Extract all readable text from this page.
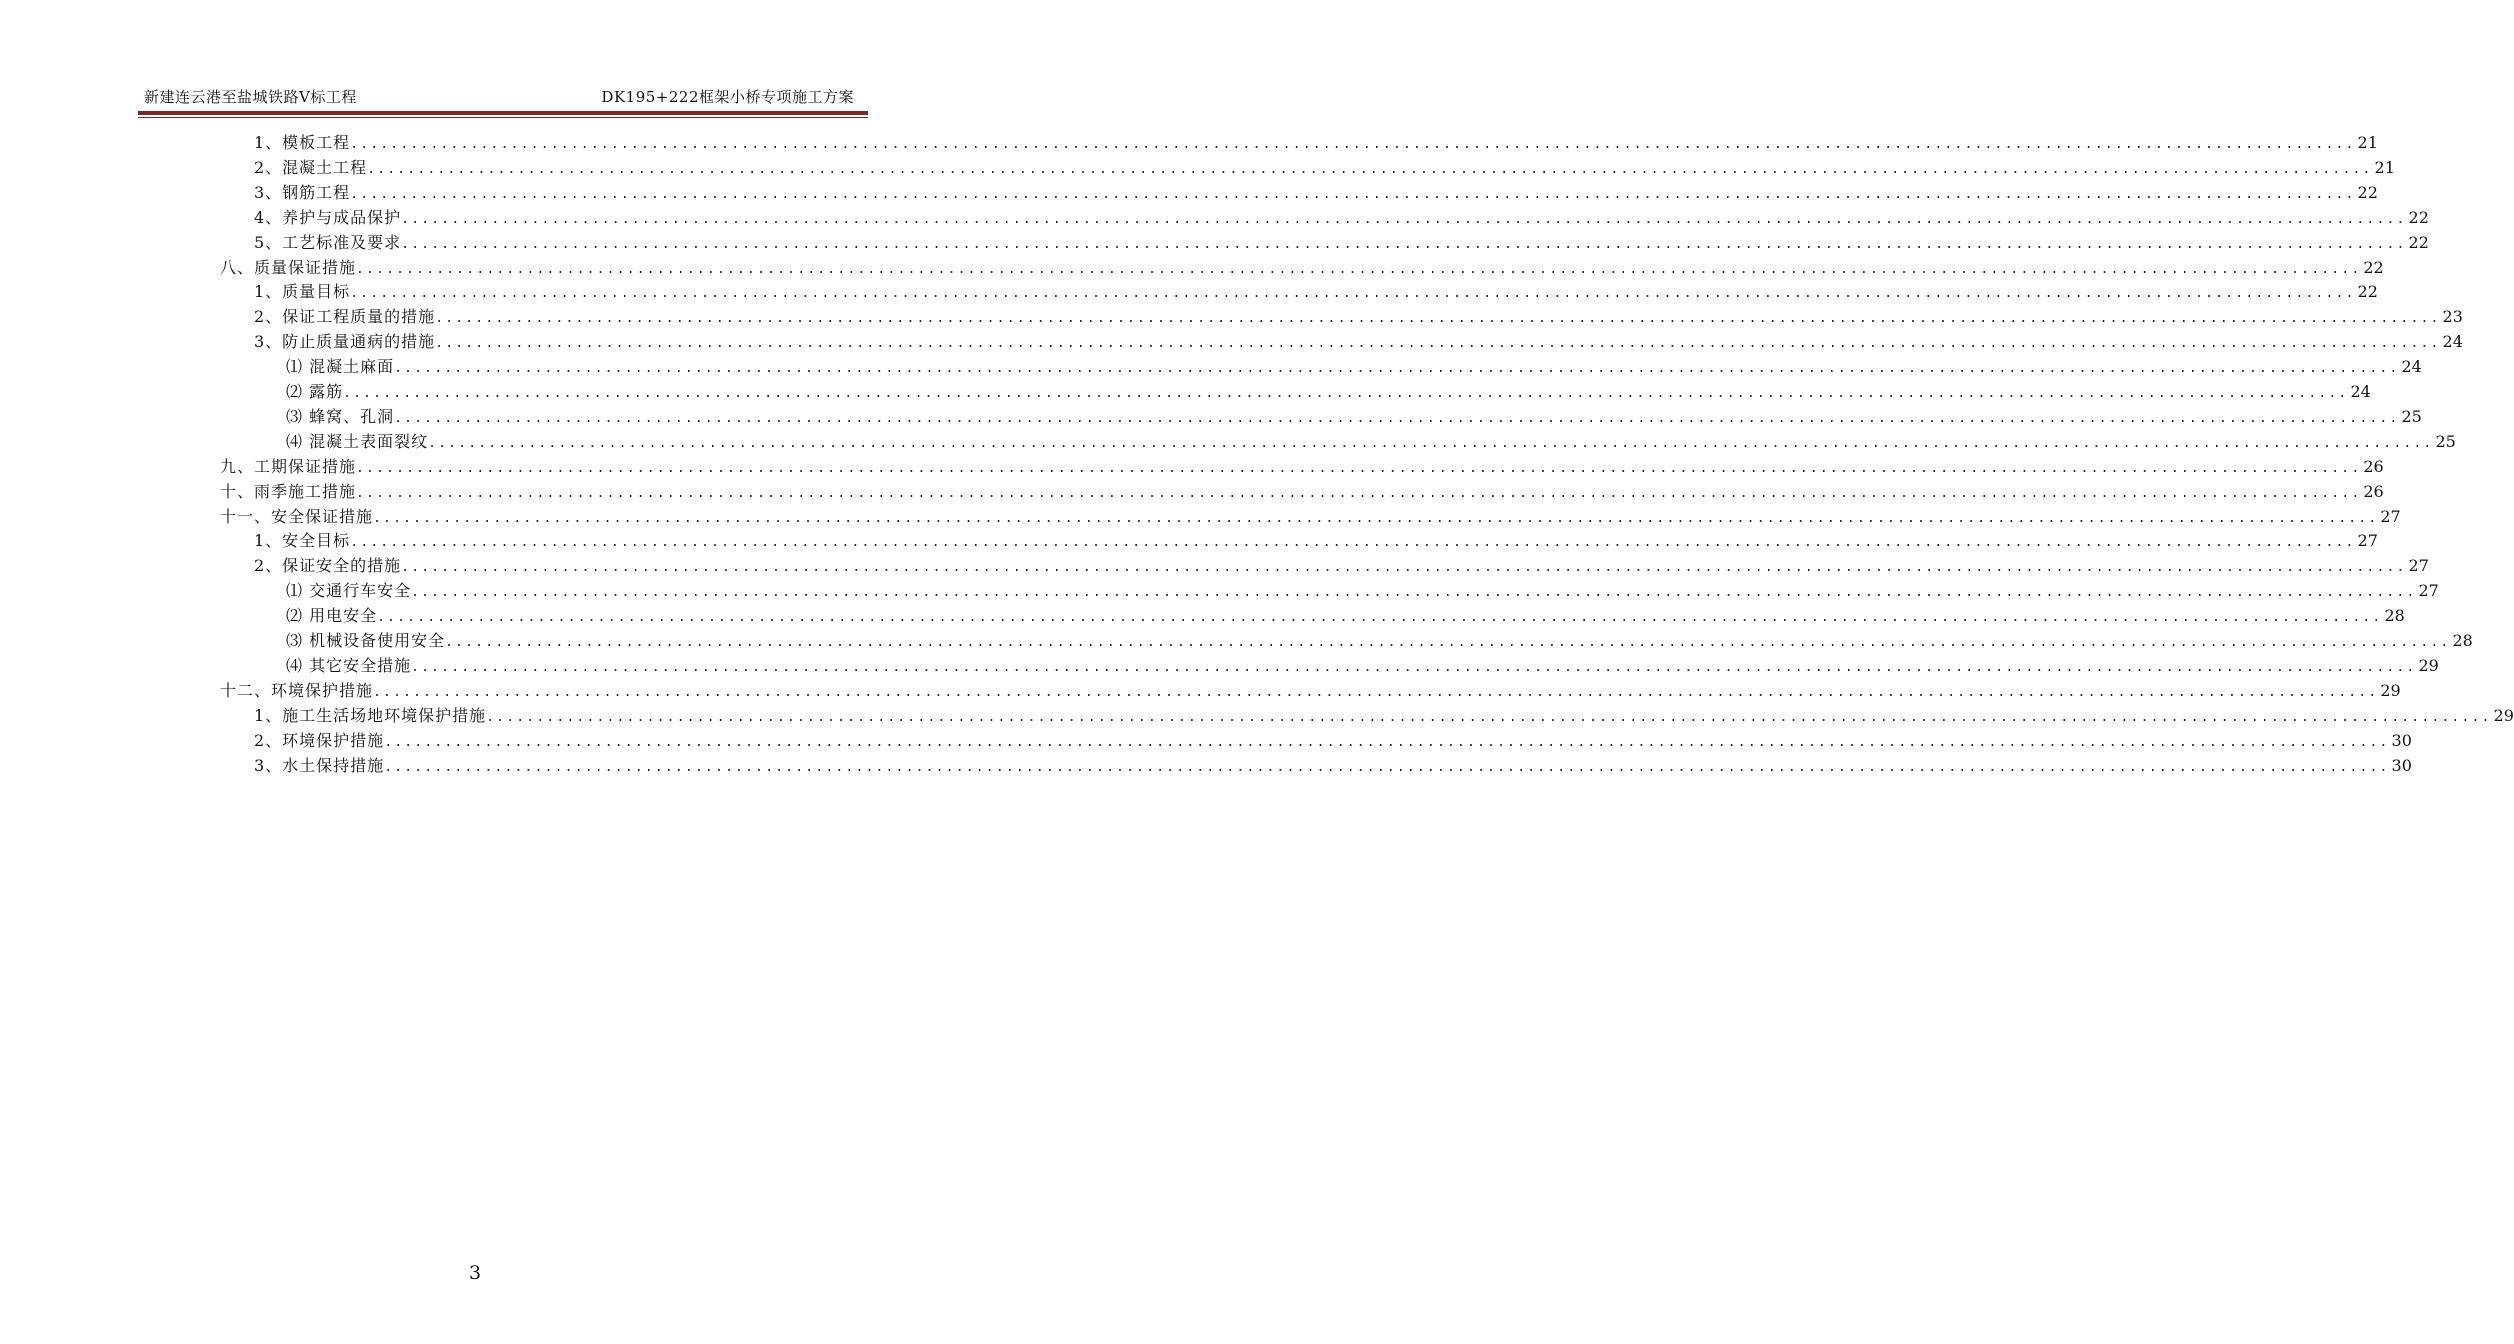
新建连云港至盐城铁路Ⅴ标工程	DK195+222框架小桥专项施工方案
1、模板工程 ........................................................................................................................................................................................................ 21
2、混凝土工程 ........................................................................................................................................................................................................ 21
3、钢筋工程 ........................................................................................................................................................................................................ 22
4、养护与成品保护 ........................................................................................................................................................................................................ 22
5、工艺标准及要求 ........................................................................................................................................................................................................ 22
八、质量保证措施 ........................................................................................................................................................................................................ 22
1、质量目标 ........................................................................................................................................................................................................ 22
2、保证工程质量的措施 ........................................................................................................................................................................................................ 23
3、防止质量通病的措施 ........................................................................................................................................................................................................ 24
⑴ 混凝土麻面 ........................................................................................................................................................................................................ 24
⑵ 露筋 ........................................................................................................................................................................................................ 24
⑶ 蜂窝、孔洞 ........................................................................................................................................................................................................ 25
⑷ 混凝土表面裂纹 ........................................................................................................................................................................................................ 25
九、工期保证措施 ........................................................................................................................................................................................................ 26
十、雨季施工措施 ........................................................................................................................................................................................................ 26
十一、安全保证措施 ........................................................................................................................................................................................................ 27
1、安全目标 ........................................................................................................................................................................................................ 27
2、保证安全的措施 ........................................................................................................................................................................................................ 27
⑴ 交通行车安全 ........................................................................................................................................................................................................ 27
⑵ 用电安全 ........................................................................................................................................................................................................ 28
⑶ 机械设备使用安全 ........................................................................................................................................................................................................ 28
⑷ 其它安全措施 ........................................................................................................................................................................................................ 29
十二、环境保护措施 ........................................................................................................................................................................................................ 29
1、施工生活场地环境保护措施 ........................................................................................................................................................................................................ 29
2、环境保护措施 ........................................................................................................................................................................................................ 30
3、水土保持措施 ........................................................................................................................................................................................................ 30
3
